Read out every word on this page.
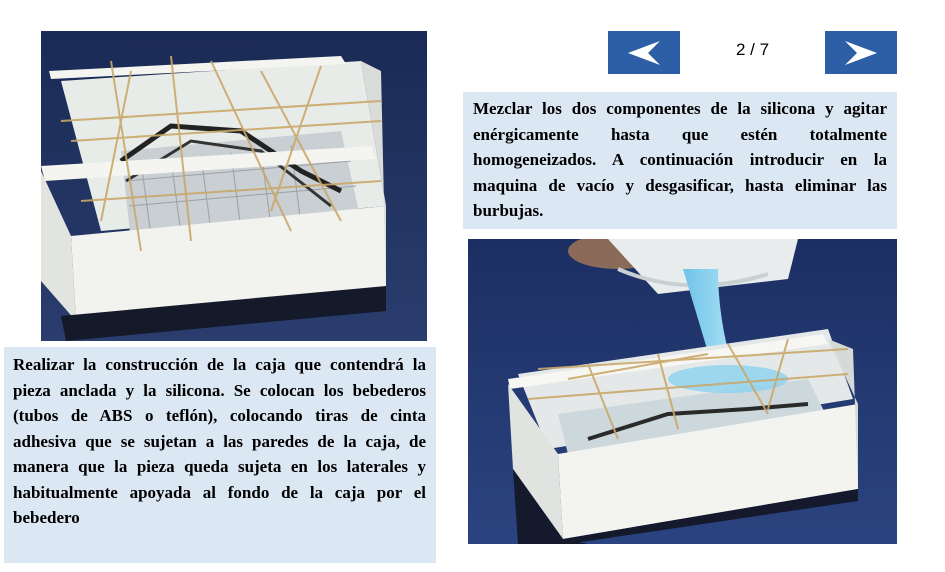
2 / 7
Mezclar los dos componentes de la silicona y agitar enérgicamente hasta que estén totalmente homogeneizados. A continuación introducir en la maquina de vacío y desgasificar, hasta eliminar las burbujas.
Realizar la construcción de la caja que contendrá la pieza anclada y la silicona. Se colocan los bebederos (tubos de ABS o teflón), colocando tiras de cinta adhesiva que se sujetan a las paredes de la caja, de manera que la pieza queda sujeta en los laterales y habitualmente apoyada al fondo de la caja por el bebedero
